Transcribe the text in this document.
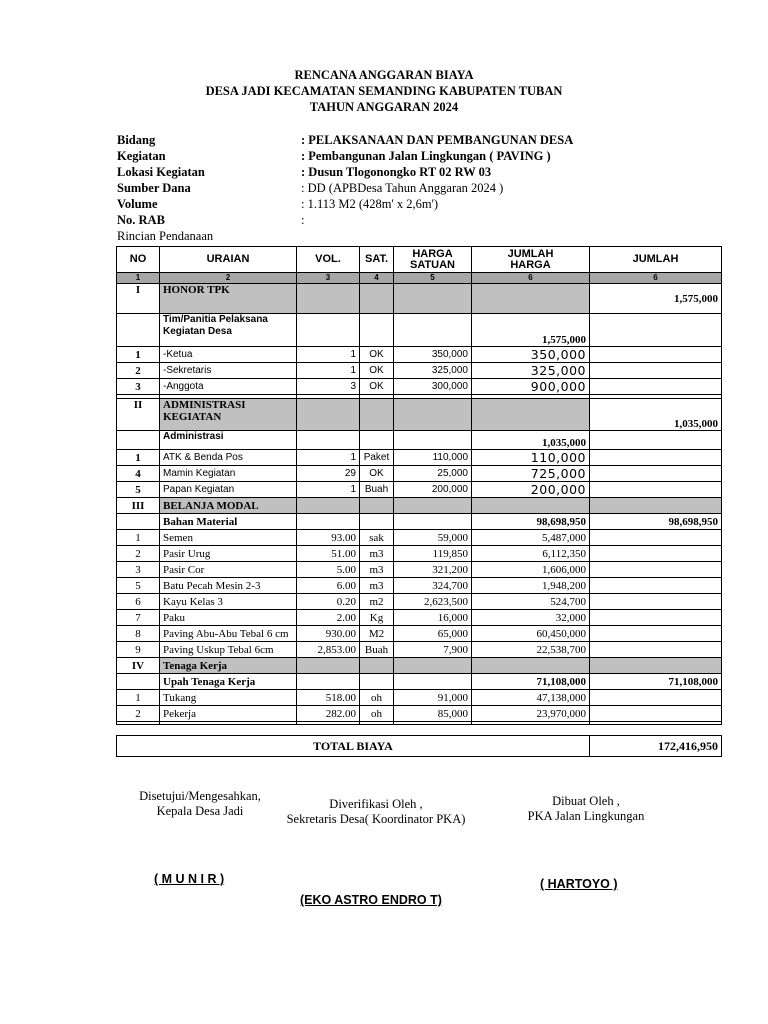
RENCANA ANGGARAN BIAYA
DESA JADI KECAMATAN SEMANDING KABUPATEN TUBAN
TAHUN ANGGARAN 2024
Bidang	: PELAKSANAAN DAN PEMBANGUNAN DESA
Kegiatan	: Pembangunan Jalan Lingkungan ( PAVING )
Lokasi Kegiatan	: Dusun Tlogonongko RT 02 RW 03
Sumber Dana	: DD (APBDesa Tahun Anggaran 2024 )
Volume	: 1.113 M2 (428m' x 2,6m')
No. RAB	:
Rincian Pendanaan
NO	URAIAN	VOL.	SAT.	HARGA SATUAN	JUMLAH HARGA	JUMLAH
1	2	3	4	5	6	6
I	HONOR TPK					1,575,000
	Tim/Panitia Pelaksana Kegiatan Desa				1,575,000	
1	-Ketua	1	OK	350,000	350,000	
2	-Sekretaris	1	OK	325,000	325,000	
3	-Anggota	3	OK	300,000	900,000	

II	ADMINISTRASI KEGIATAN					1,035,000
	Administrasi				1,035,000	
1	ATK & Benda Pos	1	Paket	110,000	110,000	
4	Mamin Kegiatan	29	OK	25,000	725,000	
5	Papan Kegiatan	1	Buah	200,000	200,000	
III	BELANJA MODAL					
	Bahan Material				98,698,950	98,698,950
1	Semen	93.00	sak	59,000	5,487,000	
2	Pasir Urug	51.00	m3	119,850	6,112,350	
3	Pasir Cor	5.00	m3	321,200	1,606,000	
5	Batu Pecah Mesin 2-3	6.00	m3	324,700	1,948,200	
6	Kayu Kelas 3	0.20	m2	2,623,500	524,700	
7	Paku	2.00	Kg	16,000	32,000	
8	Paving Abu-Abu Tebal 6 cm	930.00	M2	65,000	60,450,000	
9	Paving Uskup Tebal 6cm	2,853.00	Buah	7,900	22,538,700	
IV	Tenaga Kerja					
	Upah Tenaga Kerja				71,108,000	71,108,000
1	Tukang	518.00	oh	91,000	47,138,000	
2	Pekerja	282.00	oh	85,000	23,970,000	

TOTAL BIAYA	172,416,950
Disetujui/Mengesahkan,
Kepala Desa Jadi	Diverifikasi Oleh ,
Sekretaris Desa( Koordinator PKA)
Dibuat Oleh ,
PKA Jalan Lingkungan
( M U N I R )
(EKO ASTRO ENDRO T)
( HARTOYO )
